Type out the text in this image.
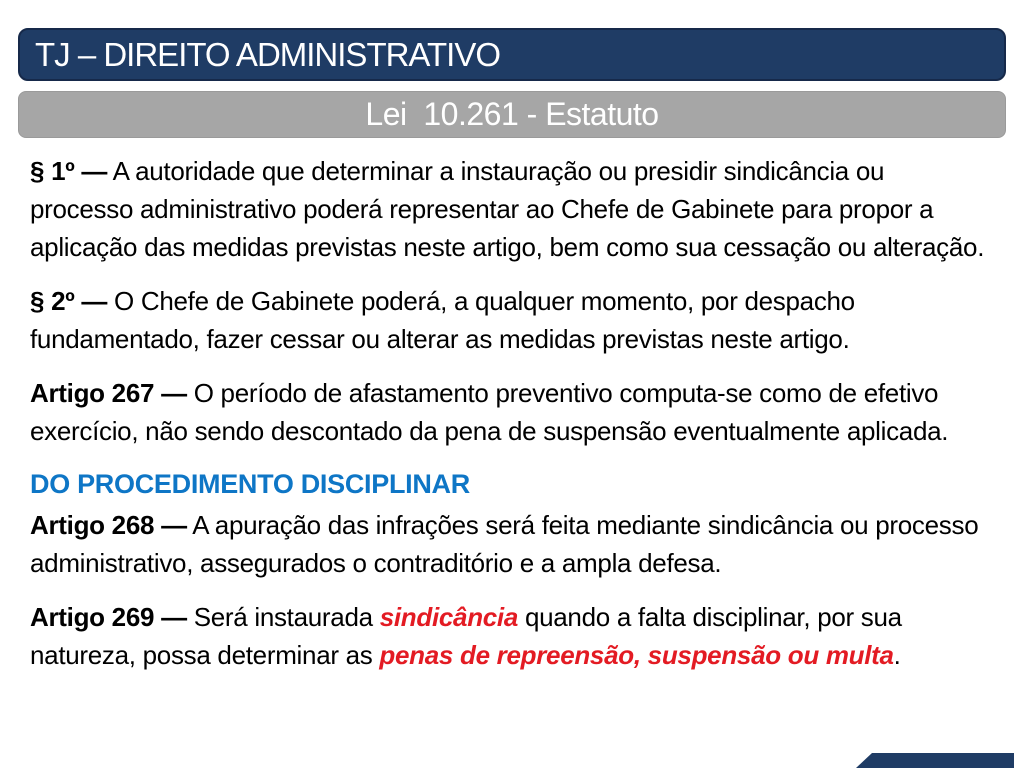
TJ – DIREITO ADMINISTRATIVO
Lei  10.261 - Estatuto

§ 1º — A autoridade que determinar a instauração ou presidir sindicância ou processo administrativo poderá representar ao Chefe de Gabinete para propor a aplicação das medidas previstas neste artigo, bem como sua cessação ou alteração.

§ 2º — O Chefe de Gabinete poderá, a qualquer momento, por despacho fundamentado, fazer cessar ou alterar as medidas previstas neste artigo.

Artigo 267 — O período de afastamento preventivo computa-se como de efetivo exercício, não sendo descontado da pena de suspensão eventualmente aplicada.

DO PROCEDIMENTO DISCIPLINAR

Artigo 268 — A apuração das infrações será feita mediante sindicância ou processo administrativo, assegurados o contraditório e a ampla defesa.

Artigo 269 — Será instaurada sindicância quando a falta disciplinar, por sua natureza, possa determinar as penas de repreensão, suspensão ou multa.
